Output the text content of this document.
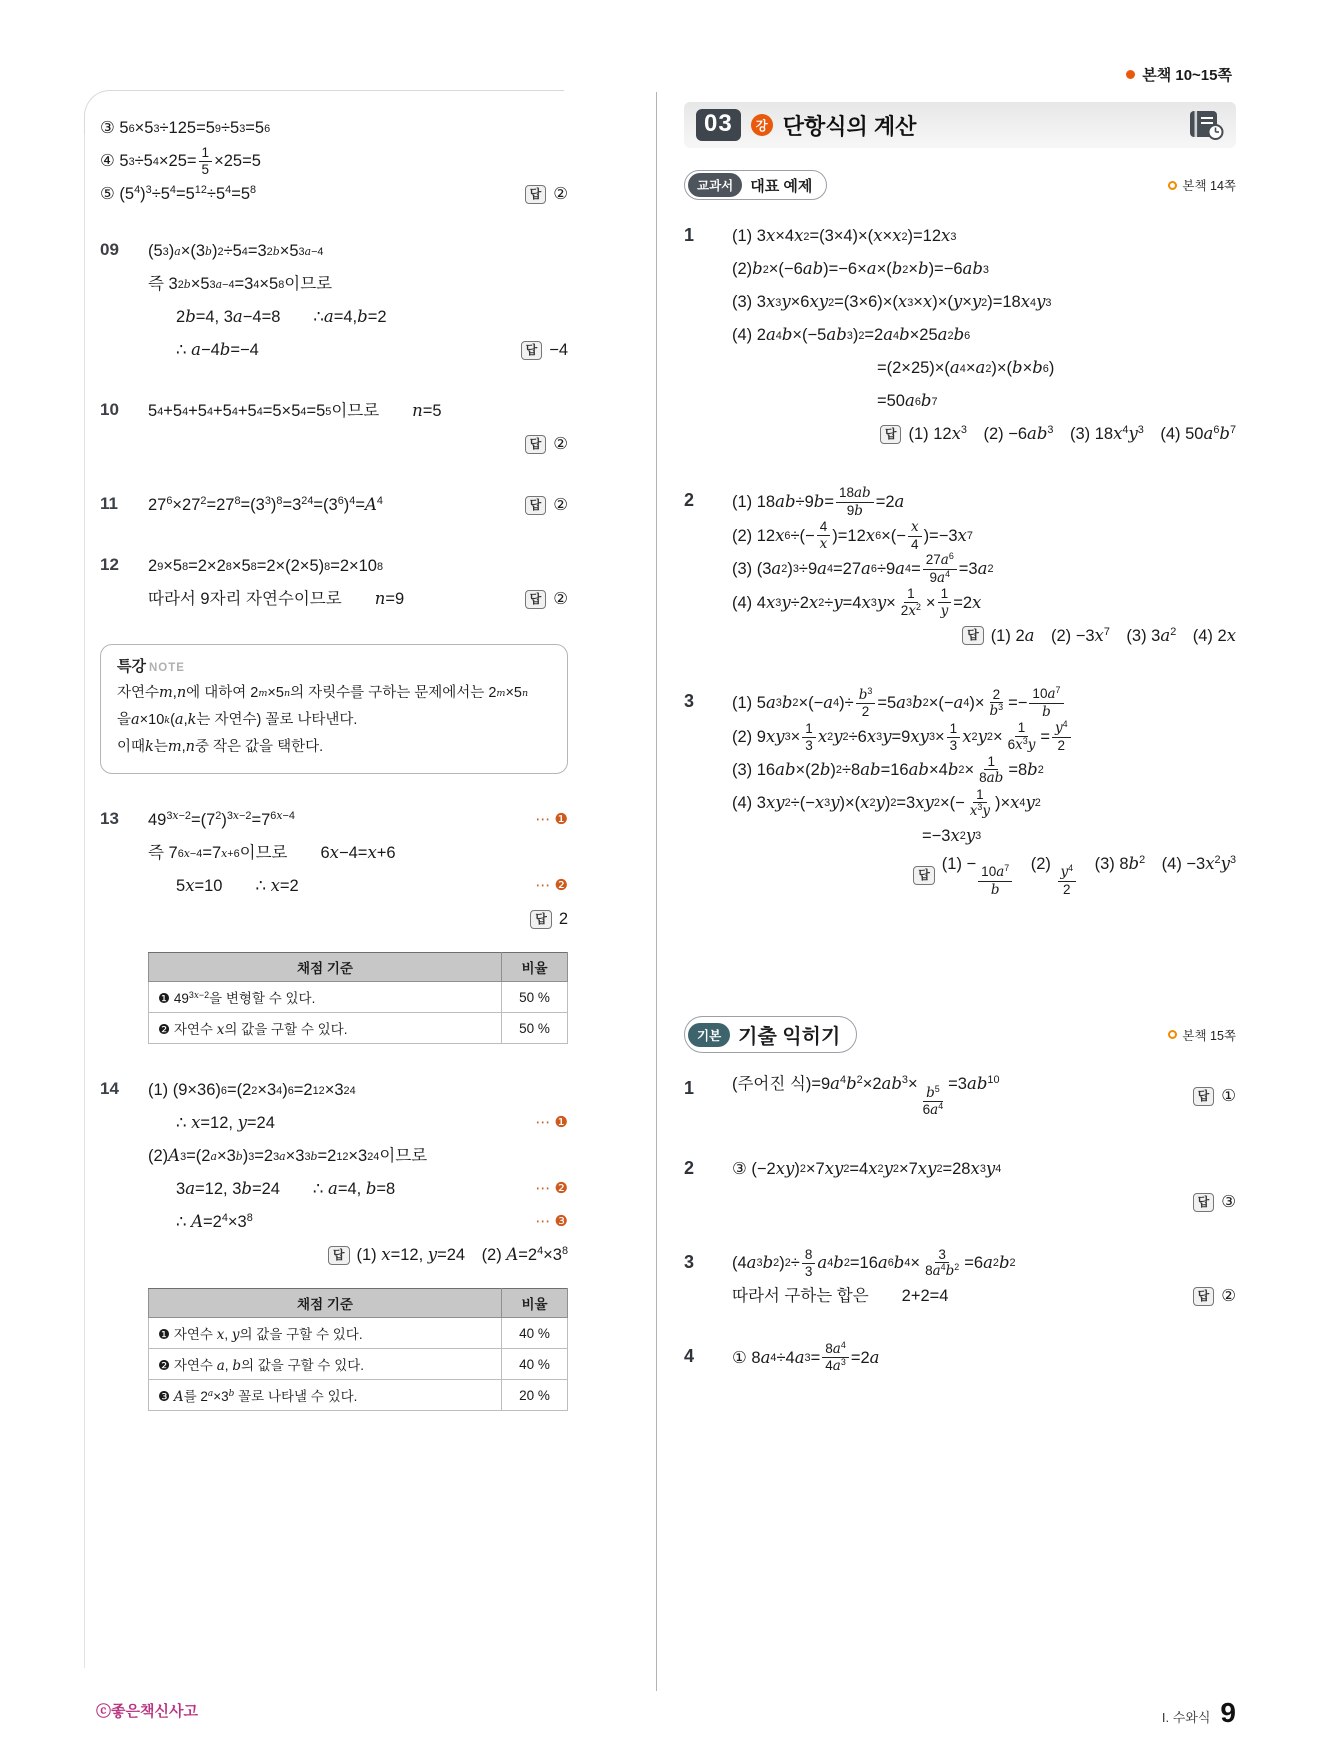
본책 10~15쪽
③ 5 6 ×5 3 ÷125=5 9 ÷5 3 =5 6
④ 5 3 ÷5 $4 \times 25= \frac{1}{5} \times 25=5$
⑤ $(5^4)^3\div 5^4=5^{12}\div 5^4=5^8$	답 ②
09	(5 3 ) a ×(3 b ) 2 ÷5 4 =3 2b ×5 3a−4
즉 3 2b ×5 3a−4 =3 4 ×5 8 이므로
2 b =4, 3 a −4=8　　∴ a =4, b =2
∴ a−4b=−4	답 −4
10	5 4 +5 4 +5 4 +5 4 +5 4 =5×5 4 =5 5 이므로　　 n =5
답 ②
11	$27^6\times 27^2=27^8=(3^3)^8=3^{24}=(3^6)^4=A^4$	답 ②
12	2 9 ×5 8 =2×2 8 ×5 8 =2×(2×5) 8 =2×10 8
따라서 9자리 자연수이므로　　n=9	답 ②
특강 NOTE
자연수 m , n 에 대하여 2 m ×5 n 의 자릿수를 구하는 문제에서는 2 m ×5 n
을 a ×10 k ( a , k 는 자연수) 꼴로 나타낸다.
이때 k 는 m , n 중 작은 값을 택한다.
13	$49^{3x-2}=(7^2)^{3x-2}=7^{6x-4}$	⋯ ❶
즉 7 6x−4 =7 x+6 이므로　　6 x −4= x +6
5x=10　　∴ x=2	⋯ ❷
답 2
채점 기준	비율
❶ $49^{3x-2}$을 변형할 수 있다.	50 %
❷ 자연수 x의 값을 구할 수 있다.	50 %
14	(1) (9×36) 6 =(2 2 ×3 4 ) 6 =2 12 ×3 24
∴ x=12, y=24	⋯ ❶
(2) A 3 =(2 a ×3 b ) 3 =2 3a ×3 3b =2 12 ×3 24 이므로
3a=12, 3b=24　　∴ a=4, b=8	⋯ ❷
∴ $A=2^4\times 3^8$	⋯ ❸
답 (1) x=12, y=24　(2) $A=2^4\times 3^8$
채점 기준	비율
❶ 자연수 x, y의 값을 구할 수 있다.	40 %
❷ 자연수 a, b의 값을 구할 수 있다.	40 %
❸ A를 $2^a\times 3^b$ 꼴로 나타낼 수 있다.	20 %
03	강 단항식의 계산
교과서	대표 예제	본책 14쪽
1	(1) 3 x ×4 x 2 =(3×4)×( x × x 2 )=12 x 3
(2) b 2 ×(−6 ab )=−6× a ×( b 2 × b )=−6 ab 3
(3) 3 x 3 y ×6 xy 2 =(3×6)×( x 3 × x )×( y × y 2 )=18 x 4 y 3
(4) 2 a 4 b ×(−5 ab 3 ) 2 =2 a 4 b ×25 a 2 b 6
=(2×25)×( a 4 × a 2 )×( b × b 6 )
=50 a 6 b 7
답 (1) $12x^3$　$(2) -6ab^3$　(3) $18x^4y^3$　(4) $50a^6b^7$
2	(1) 18 ab ÷9 $b = \frac{18ab}{9b} =2$ a
(2) 12 x 6 ÷(− $\frac{4}{x} )=12$ x 6 ×(− $\frac{x}{4} )=-3$ x 7
(3) (3 a 2 ) 3 ÷9 a 4 =27 a 6 ÷9 a $4 = \frac{27a^6}{9a^4} =3$ a 2
(4) 4 x 3 y ÷2 x 2 ÷ y =4 x 3 $y \times \frac{1}{2x^2} \times \frac{1}{y} =2$ x
답 (1) 2a　$(2) -3x^7$　(3) $3a^2$　(4) 2x
3	(1) 5 a 3 b 2 ×(− a 4 )÷ $\frac{b^3}{2} =5$ a 3 b 2 ×(− a 4 )× $\frac{2}{b^3} =- \frac{10a^7}{b}$
(2) 9 xy $3 \times \frac{1}{3}$ x 2 y 2 ÷6 x 3 y =9 xy $3 \times \frac{1}{3}$ x 2 y $2 \times \frac{1}{6x^3y} = \frac{y^4}{2}$
(3) 16 ab ×(2 b ) 2 ÷8 ab =16 ab ×4 b $2 \times \frac{1}{8ab} =8$ b 2
(4) 3 xy 2 ÷(− x 3 y )×( x 2 y ) 2 =3 xy 2 ×(− $\frac{1}{x^3y}$ )× x 4 y 2
=−3 x 2 y 3
답
(1) −
$\frac{10a^7}{b}$
　(2)
$\frac{y^4}{2}$
　(3) $8b^2$　$(4) -3x^2y^3$
기본 기출 익히기	본책 15쪽
1	(주어진 식)$=9a^4b^2\times 2ab^3\times$
$\frac{b^5}{6a^4}$
$=3ab^{10}$
답 ①
2	③ (−2 xy ) 2 ×7 xy 2 =4 x 2 y 2 ×7 xy 2 =28 x 3 y 4
답 ③
3	(4 a 3 b 2 ) $2 \div \frac{8}{3}$ a 4 b 2 =16 a 6 b $4 \times \frac{3}{8a^4b^2} =6$ a 2 b 2
따라서 구하는 합은　　2+2=4	답 ②
4	① 8 a 4 ÷4 a $3 = \frac{8a^4}{4a^3} =2$ a
ⓒ좋은책신사고	I. 수와식 9
